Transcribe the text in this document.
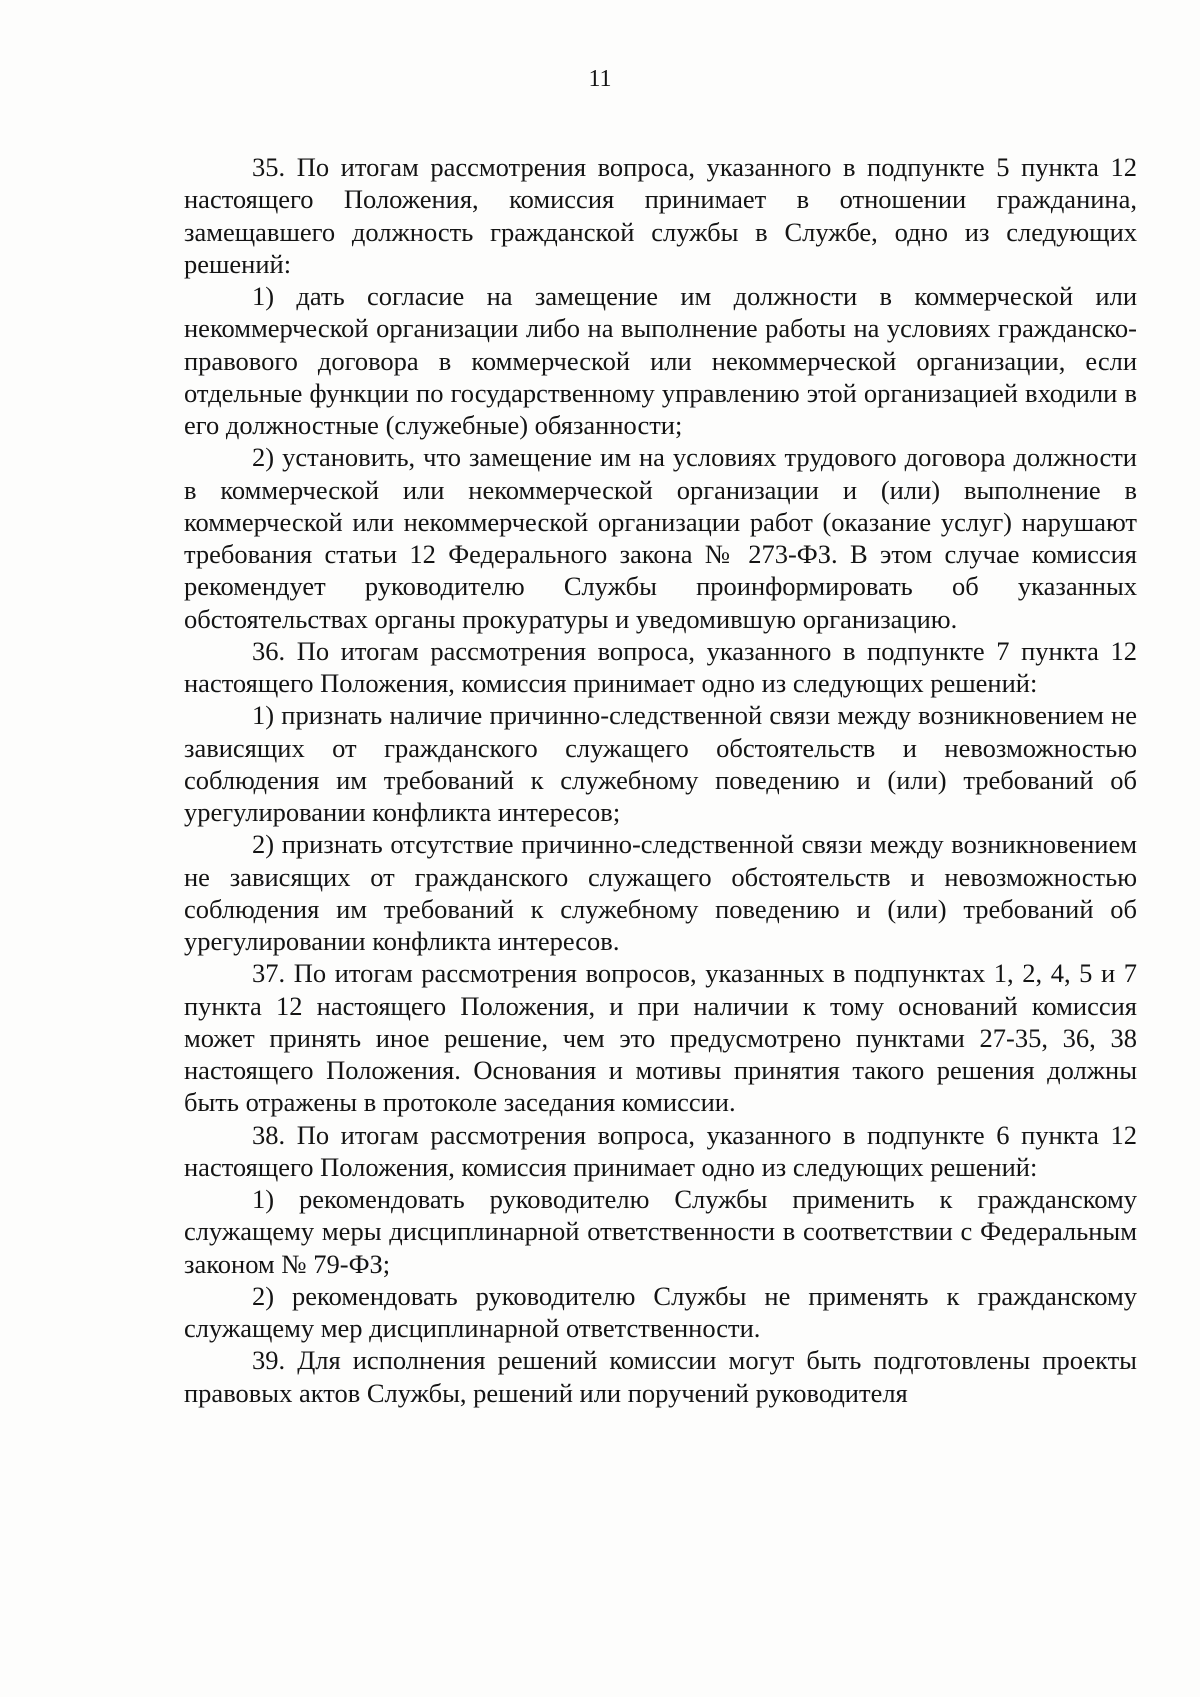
11

35. По итогам рассмотрения вопроса, указанного в подпункте 5 пункта 12 настоящего Положения, комиссия принимает в отношении гражданина, замещавшего должность гражданской службы в Службе, одно из следующих решений:

1) дать согласие на замещение им должности в коммерческой или некоммерческой организации либо на выполнение работы на условиях гражданско-правового договора в коммерческой или некоммерческой организации, если отдельные функции по государственному управлению этой организацией входили в его должностные (служебные) обязанности;

2) установить, что замещение им на условиях трудового договора должности в коммерческой или некоммерческой организации и (или) выполнение в коммерческой или некоммерческой организации работ (оказание услуг) нарушают требования статьи 12 Федерального закона № 273-ФЗ. В этом случае комиссия рекомендует руководителю Службы проинформировать об указанных обстоятельствах органы прокуратуры и уведомившую организацию.

36. По итогам рассмотрения вопроса, указанного в подпункте 7 пункта 12 настоящего Положения, комиссия принимает одно из следующих решений:

1) признать наличие причинно-следственной связи между возникновением не зависящих от гражданского служащего обстоятельств и невозможностью соблюдения им требований к служебному поведению и (или) требований об урегулировании конфликта интересов;

2) признать отсутствие причинно-следственной связи между возникновением не зависящих от гражданского служащего обстоятельств и невозможностью соблюдения им требований к служебному поведению и (или) требований об урегулировании конфликта интересов.

37. По итогам рассмотрения вопросов, указанных в подпунктах 1, 2, 4, 5 и 7 пункта 12 настоящего Положения, и при наличии к тому оснований комиссия может принять иное решение, чем это предусмотрено пунктами 27-35, 36, 38 настоящего Положения. Основания и мотивы принятия такого решения должны быть отражены в протоколе заседания комиссии.

38. По итогам рассмотрения вопроса, указанного в подпункте 6 пункта 12 настоящего Положения, комиссия принимает одно из следующих решений:

1) рекомендовать руководителю Службы применить к гражданскому служащему меры дисциплинарной ответственности в соответствии с Федеральным законом № 79-ФЗ;

2) рекомендовать руководителю Службы не применять к гражданскому служащему мер дисциплинарной ответственности.

39. Для исполнения решений комиссии могут быть подготовлены проекты правовых актов Службы, решений или поручений руководителя
